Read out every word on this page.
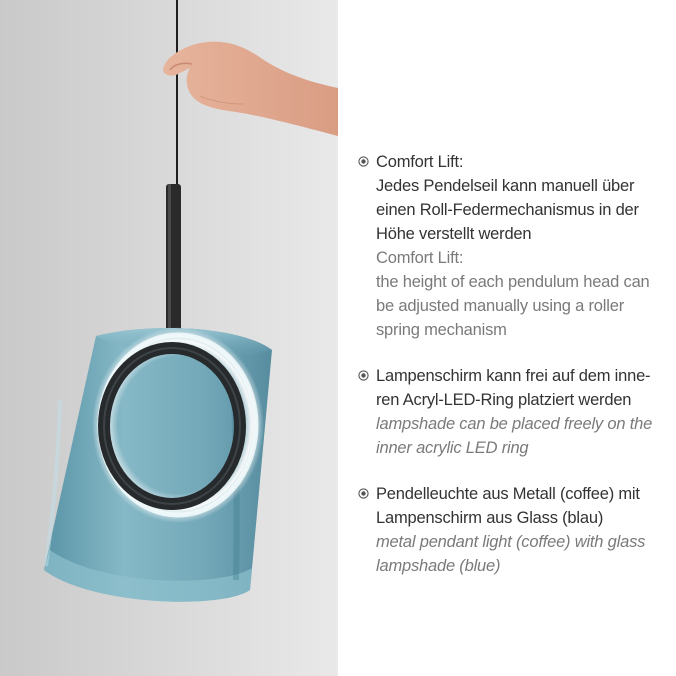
Comfort Lift:
Jedes Pendelseil kann manuell über
einen Roll-Federmechanismus in der
Höhe verstellt werden
Comfort Lift:
the height of each pendulum head can
be adjusted manually using a roller
spring mechanism
Lampenschirm kann frei auf dem inne-
ren Acryl-LED-Ring platziert werden
lampshade can be placed freely on the
inner acrylic LED ring
Pendelleuchte aus Metall (coffee) mit
Lampenschirm aus Glass (blau)
metal pendant light (coffee) with glass
lampshade (blue)
